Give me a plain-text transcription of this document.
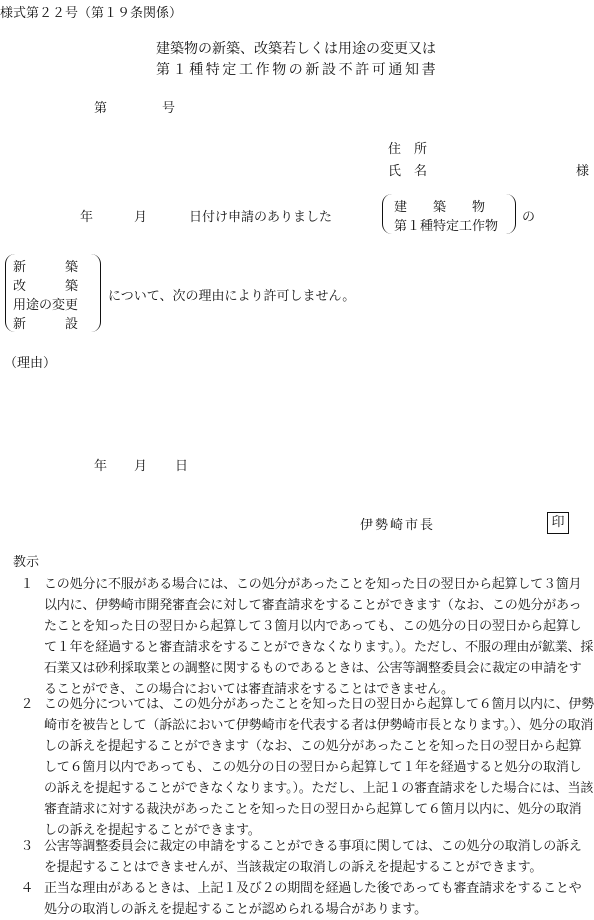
様式第２２号（第１９条関係）
建築物の新築、改築若しくは用途の変更又は
第１種特定工作物の新設不許可通知書
第	号
住　所
氏　名	様
年	月	日付け申請のありました
建　　築　　物
第１種特定工作物
の
新　　　築
改　　　築
用途の変更
新　　　設
について、次の理由により許可しません。
（理由）
年 月 日
伊勢崎市長	印
教示
１ この処分に不服がある場合には、この処分があったことを知った日の翌日から起算して３箇月以内に、伊勢崎市開発審査会に対して審査請求をすることができます（なお、この処分があったことを知った日の翌日から起算して３箇月以内であっても、この処分の日の翌日から起算して１年を経過すると審査請求をすることができなくなります。）。ただし、不服の理由が鉱業、採石業又は砂利採取業との調整に関するものであるときは、公害等調整委員会に裁定の申請をすることができ、この場合においては審査請求をすることはできません。
２ この処分については、この処分があったことを知った日の翌日から起算して６箇月以内に、伊勢崎市を被告として（訴訟において伊勢崎市を代表する者は伊勢崎市長となります。）、処分の取消しの訴えを提起することができます（なお、この処分があったことを知った日の翌日から起算して６箇月以内であっても、この処分の日の翌日から起算して１年を経過すると処分の取消しの訴えを提起することができなくなります。）。ただし、上記１の審査請求をした場合には、当該審査請求に対する裁決があったことを知った日の翌日から起算して６箇月以内に、処分の取消しの訴えを提起することができます。
３ 公害等調整委員会に裁定の申請をすることができる事項に関しては、この処分の取消しの訴えを提起することはできませんが、当該裁定の取消しの訴えを提起することができます。
４ 正当な理由があるときは、上記１及び２の期間を経過した後であっても審査請求をすることや処分の取消しの訴えを提起することが認められる場合があります。
